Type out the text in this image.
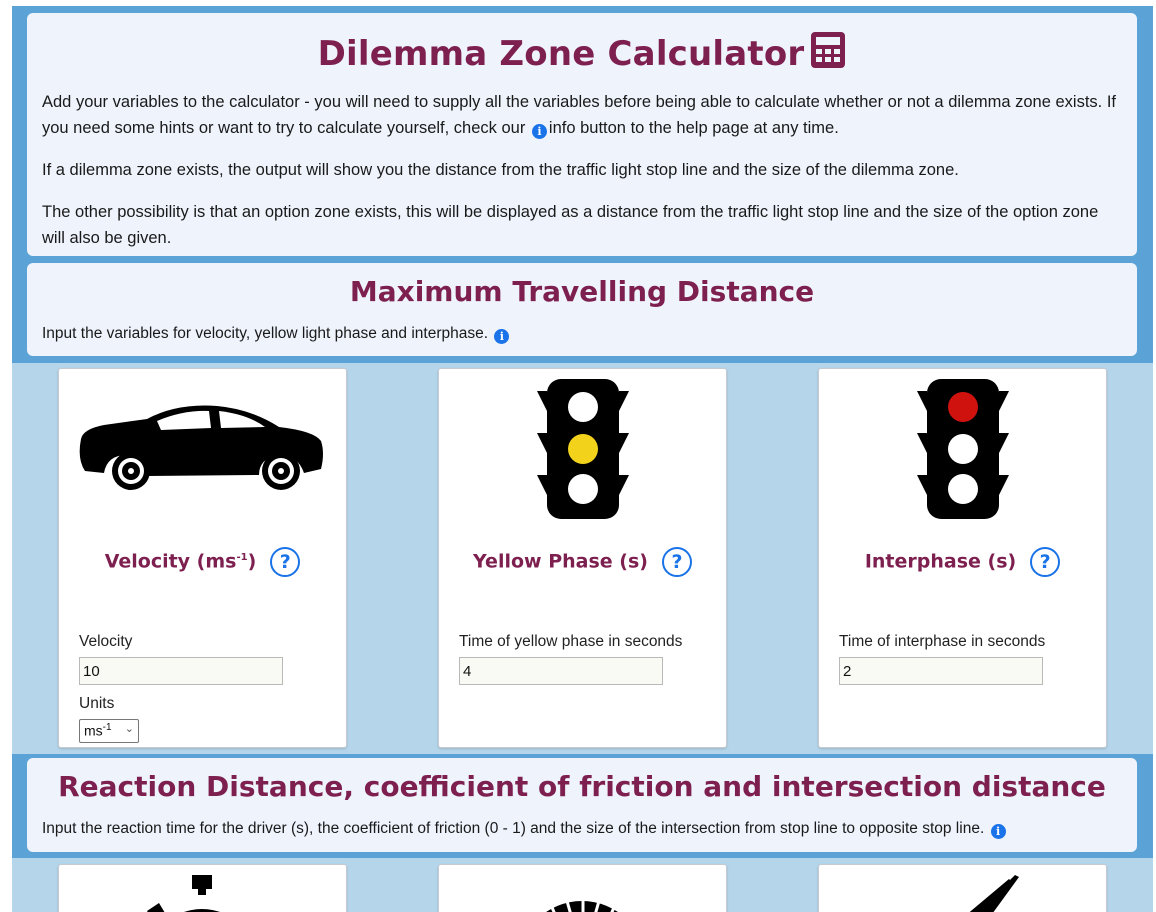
Dilemma Zone Calculator

Add your variables to the calculator - you will need to supply all the variables before being able to calculate whether or not a dilemma zone exists. If you need some hints or want to try to calculate yourself, check our i info button to the help page at any time.

If a dilemma zone exists, the output will show you the distance from the traffic light stop line and the size of the dilemma zone.

The other possibility is that an option zone exists, this will be displayed as a distance from the traffic light stop line and the size of the option zone will also be given.

Maximum Travelling Distance

Input the variables for velocity, yellow light phase and interphase. i

Velocity $(ms^{-1})$ ?
Velocity
10
Units
$ms^{-1}$ ⌄
Yellow Phase (s) ?
Time of yellow phase in seconds
4
Interphase (s) ?
Time of interphase in seconds
2
Reaction Distance, coefficient of friction and intersection distance

Input the reaction time for the driver (s), the coefficient of friction (0 - 1) and the size of the intersection from stop line to opposite stop line. i
